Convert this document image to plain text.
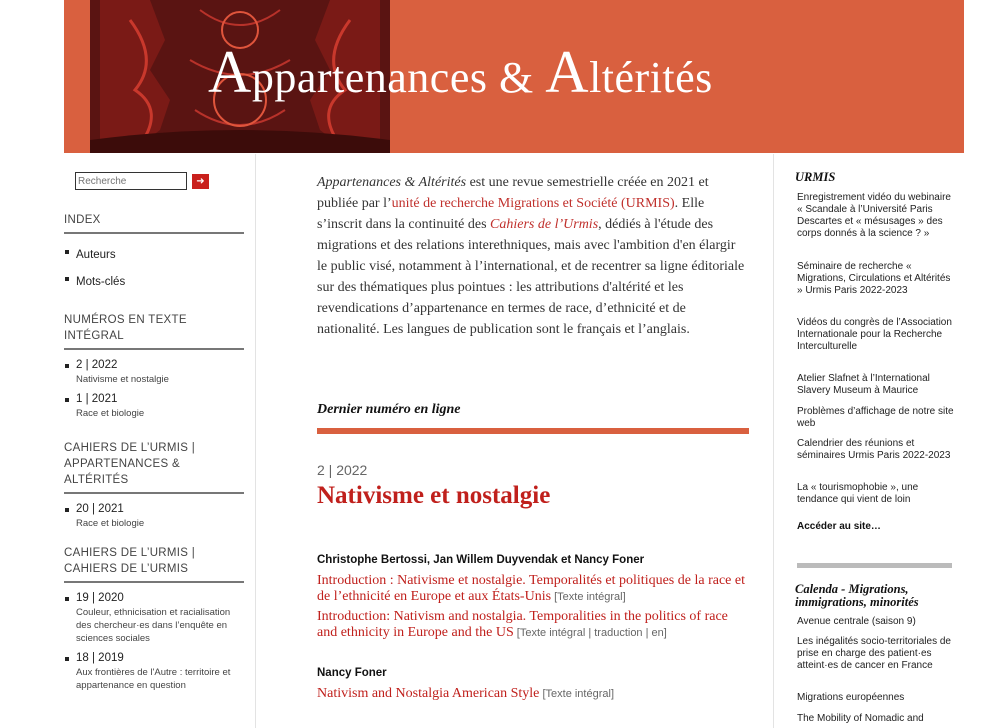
Appartenances & Altérités
Recherche
➜
INDEX
Auteurs
Mots-clés
NUMÉROS EN TEXTE INTÉGRAL
2 | 2022
Nativisme et nostalgie
1 | 2021
Race et biologie
CAHIERS DE L’URMIS |
APPARTENANCES & ALTÉRITÉS
20 | 2021
Race et biologie
CAHIERS DE L’URMIS |
CAHIERS DE L’URMIS
19 | 2020
Couleur, ethnicisation et racialisation des chercheur·es dans l’enquête en sciences sociales
18 | 2019
Aux frontières de l'Autre : territoire et appartenance en question

Appartenances & Altérités est une revue semestrielle créée en 2021 et publiée par l’unité de recherche Migrations et Société (URMIS). Elle s’inscrit dans la continuité des Cahiers de l’Urmis, dédiés à l'étude des migrations et des relations interethniques, mais avec l'ambition d'en élargir le public visé, notamment à l’international, et de recentrer sa ligne éditoriale sur des thématiques plus pointues : les attributions d'altérité et les revendications d’appartenance en termes de race, d’ethnicité et de nationalité. Les langues de publication sont le français et l’anglais.

Dernier numéro en ligne
2 | 2022
Nativisme et nostalgie
Christophe Bertossi, Jan Willem Duyvendak et Nancy Foner
Introduction : Nativisme et nostalgie. Temporalités et politiques de la race et de l’ethnicité en Europe et aux États-Unis [Texte intégral]
Introduction: Nativism and nostalgia. Temporalities in the politics of race and ethnicity in Europe and the US [Texte intégral | traduction | en]
Nancy Foner
Nativism and Nostalgia American Style [Texte intégral]
URMIS
Enregistrement vidéo du webinaire « Scandale à l’Université Paris Descartes et « mésusages » des corps donnés à la science ? »
Séminaire de recherche « Migrations, Circulations et Altérités » Urmis Paris 2022-2023
Vidéos du congrès de l’Association Internationale pour la Recherche Interculturelle
Atelier Slafnet à l’International Slavery Museum à Maurice
Problèmes d’affichage de notre site web
Calendrier des réunions et séminaires Urmis Paris 2022-2023
La « tourismophobie », une tendance qui vient de loin
Accéder au site…
Calenda - Migrations,
immigrations, minorités
Avenue centrale (saison 9)
Les inégalités socio-territoriales de prise en charge des patient·es atteint·es de cancer en France
Migrations européennes
The Mobility of Nomadic and
